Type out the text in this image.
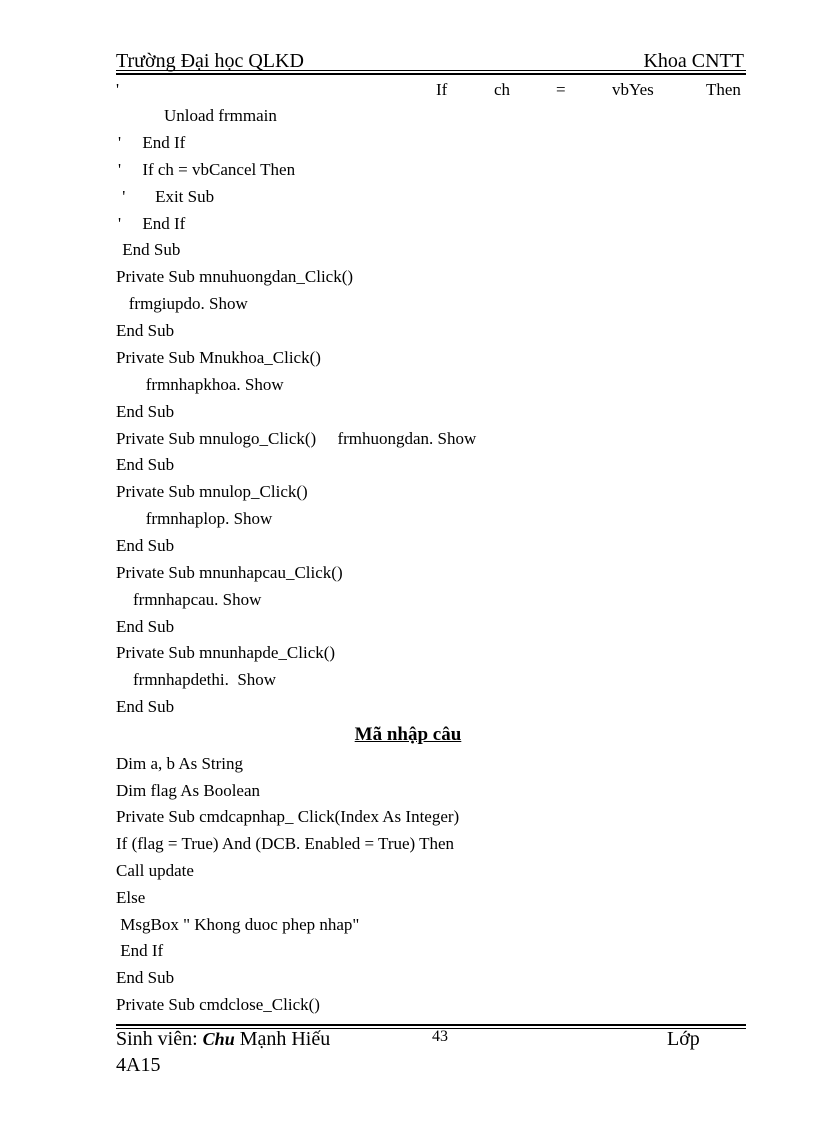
Trường Đại học QLKD	Khoa CNTT
'	If	ch	=	vbYes	Then
Unload frmmain
'     End If
'     If ch = vbCancel Then
'       Exit Sub
'     End If
End Sub
Private Sub mnuhuongdan_Click()
frmgiupdo. Show
End Sub
Private Sub Mnukhoa_Click()
frmnhapkhoa. Show
End Sub
Private Sub mnulogo_Click()     frmhuongdan. Show
End Sub
Private Sub mnulop_Click()
frmnhaplop. Show
End Sub
Private Sub mnunhapcau_Click()
frmnhapcau. Show
End Sub
Private Sub mnunhapde_Click()
frmnhapdethi.  Show
End Sub
Mã nhập câu
Dim a, b As String
Dim flag As Boolean
Private Sub cmdcapnhap_ Click(Index As Integer)
If (flag = True) And (DCB. Enabled = True) Then
Call update
Else
MsgBox " Khong duoc phep nhap"
End If
End Sub
Private Sub cmdclose_Click()
Sinh viên: Chu Mạnh Hiếu	43	Lớp
4A15
